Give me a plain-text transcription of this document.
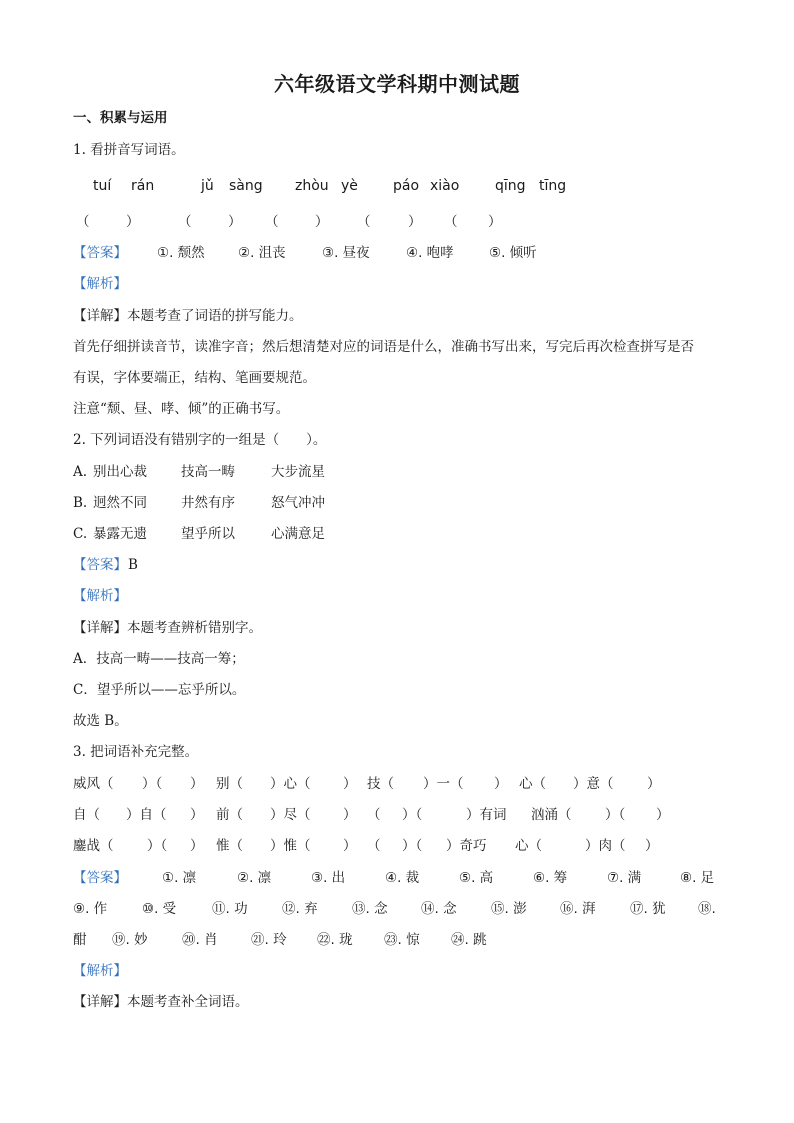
六年级语文学科期中测试题
一、积累与运用
1. 看拼音写词语。
tuí rán	jǔ sàng zhòu yè	páo xiào	qīng tīng
（	）	（	） （	） （	） （ ）
【答案】 ①. 颓然 ②. 沮丧	③. 昼夜	④. 咆哮	⑤. 倾听
【解析】
【详解】本题考查了词语的拼写能力。
首先仔细拼读音节，读准字音；然后想清楚对应的词语是什么，准确书写出来，写完后再次检查拼写是否
有误，字体要端正，结构、笔画要规范。
注意“颓、昼、哮、倾”的正确书写。
2. 下列词语没有错别字的一组是（　　）。
A. 别出心裁	技高一畴	大步流星
B. 迥然不同	井然有序	怒气冲冲
C. 暴露无遗	望乎所以	心满意足
【答案】 B
【解析】
【详解】本题考查辨析错别字。
A．技高一畴——技高一筹；
C．望乎所以——忘乎所以。
故选 B。
3. 把词语补充完整。
威风（ ）（ ） 别（ ）心（ ） 技（ ）一（ ） 心（ ）意（ ）
自（ ）自（ ） 前（ ）尽（ ） （ ）（	）有词 汹涌（ ）（ ）
鏖战（ ）（ ） 惟（ ）惟（ ） （ ）（ ）奇巧 心（	）肉（ ）
【答案】	①. 凛	②. 凛	③. 出	④. 裁	⑤. 高	⑥. 筹	⑦. 满	⑧. 足
⑨. 作	⑩. 受	⑪. 功	⑫. 弃	⑬. 念 ⑭. 念	⑮. 澎 ⑯. 湃	⑰. 犹 ⑱.
酣 ⑲. 妙	⑳. 肖 ㉑. 玲 ㉒. 珑 ㉓. 惊 ㉔. 跳
【解析】
【详解】本题考查补全词语。
